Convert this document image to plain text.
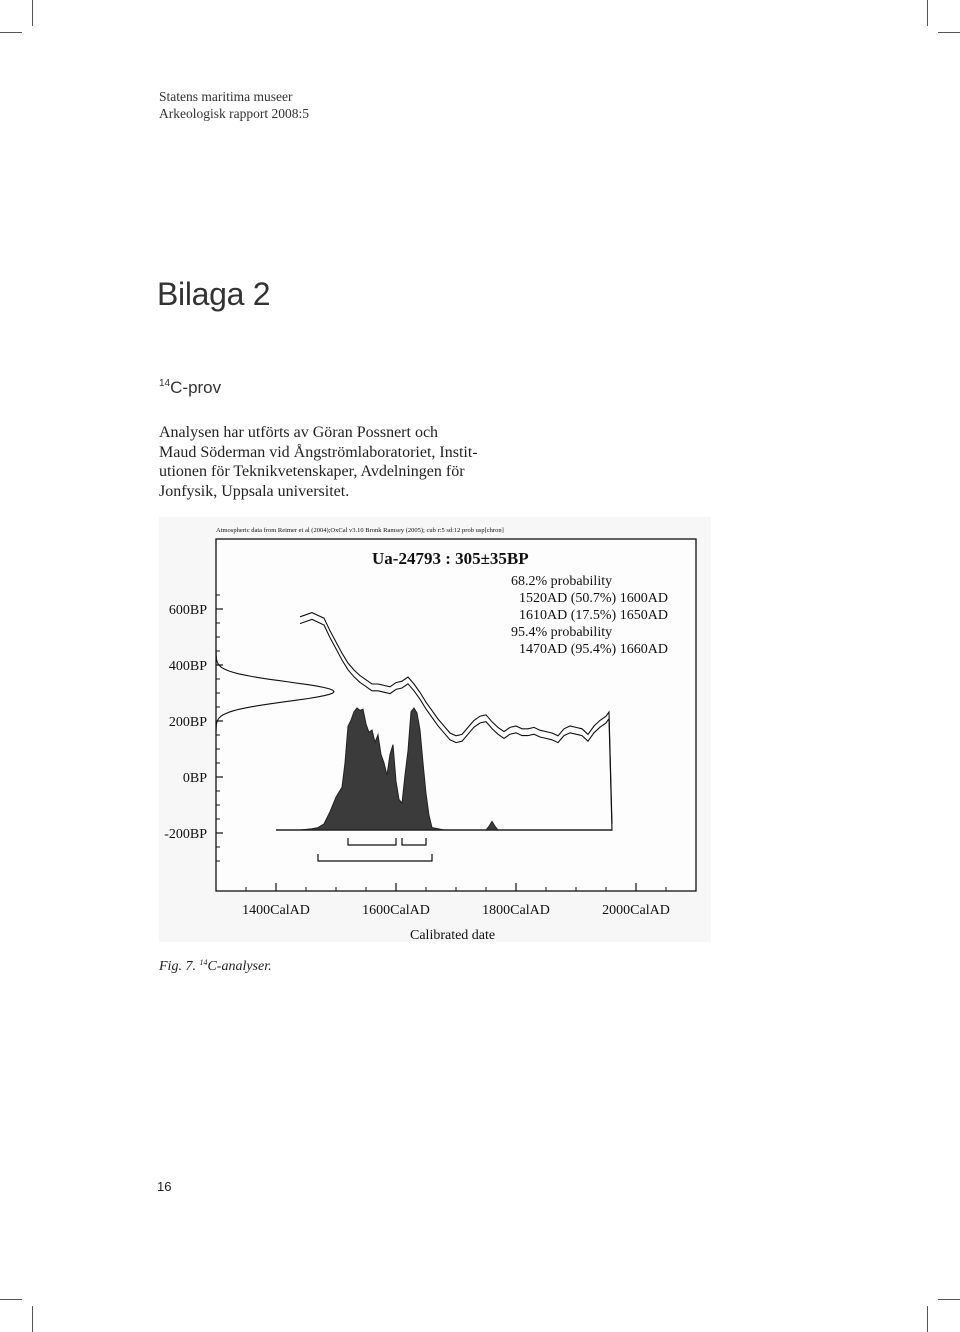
Statens maritima museer
Arkeologisk rapport 2008:5
Bilaga 2
$^{14}$C-prov
Analysen har utförts av Göran Possnert och
Maud Söderman vid Ångströmlaboratoriet, Instit-
utionen för Teknikvetenskaper, Avdelningen för
Jonfysik, Uppsala universitet.
Atmospheric data from Reimer et al (2004);OxCal v3.10 Bronk Ramsey (2005); cub r:5 sd:12 prob usp[chron]
Ua-24793 : 305±35BP
68.2% probability
1520AD (50.7%) 1600AD
1610AD (17.5%) 1650AD
95.4% probability
1470AD (95.4%) 1660AD
Calibrated date
600BP
400BP
200BP
0BP
-200BP
1400CalAD	1600CalAD	1800CalAD	2000CalAD
Fig. 7. $^{14}$C-analyser.
16
